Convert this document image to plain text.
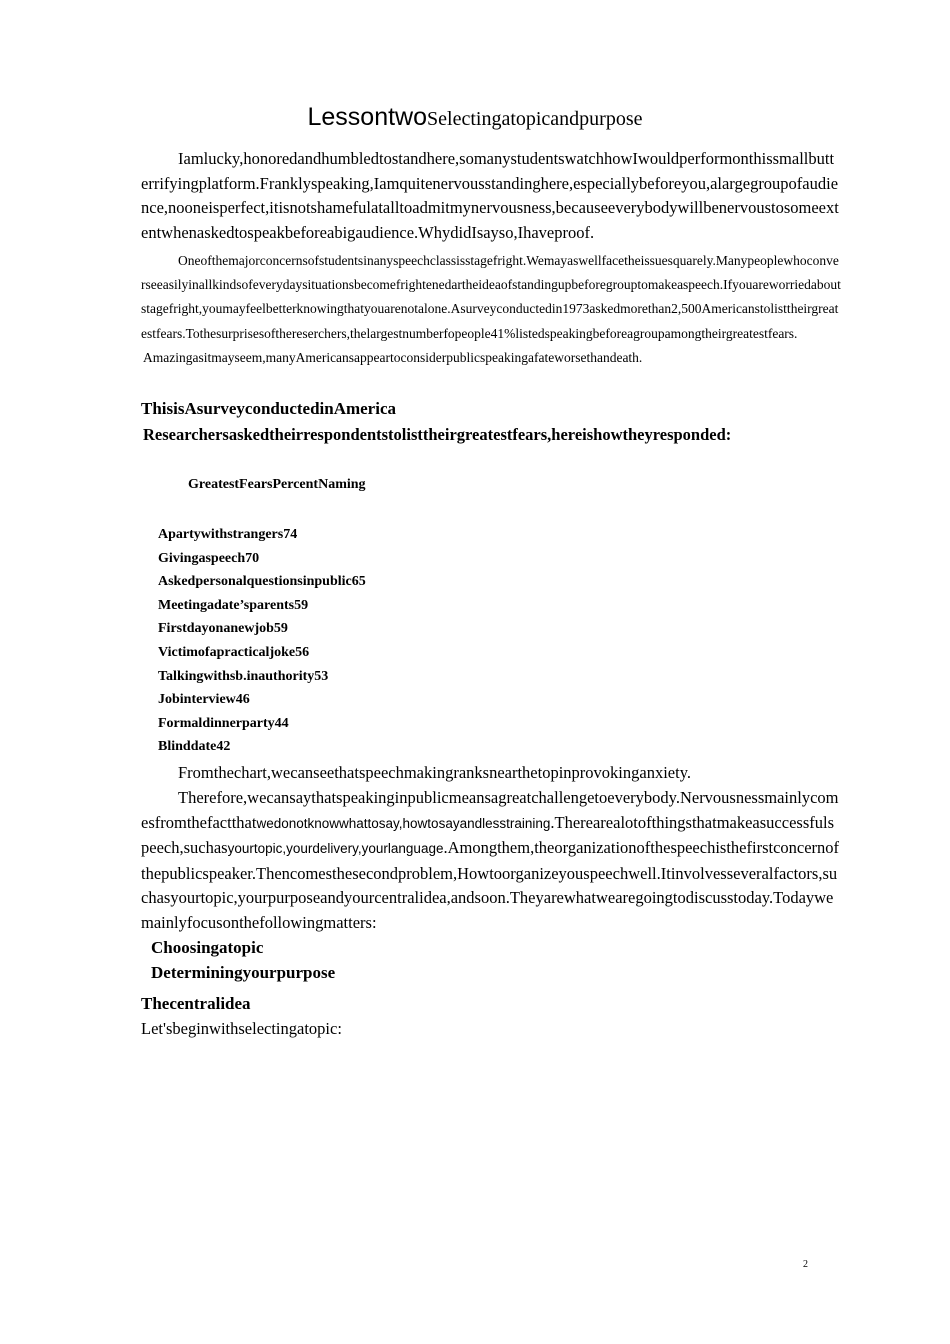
LessontwoSelectingatopicandpurpose
Iamlucky,honoredandhumbledtostandhere,somanystudentswatchhowIwouldperformonthissmallbutterrifyingplatform.Franklyspeaking,Iamquitenervousstandinghere,especiallybeforeyou,alargegroupofaudience,nooneisperfect,itisnotshamefulatalltoadmitmynervousness,becauseeverybodywillbenervoustosomeextentwhenaskedtospeakbeforeabigaudience.WhydidIsayso,Ihaveproof.
Oneofthemajorconcernsofstudentsinanyspeechclassisstagefright.Wemayaswellfacetheissuesquarely.Manypeoplewhoconverseeasilyinallkindsofeverydaysituationsbecomefrightenedartheideaofstandingupbeforegrouptomakeaspeech.Ifyouareworriedaboutstagefright,youmayfeelbetterknowingthatyouarenotalone.Asurveyconductedin1973askedmorethan2,500Americanstolisttheirgreatestfears.Tothesurprisesofthereserchers,thelargestnumberfopeople41%listedspeakingbeforeagroupamongtheirgreatestfears.
Amazingasitmayseem,manyAmericansappeartoconsiderpublicspeakingafateworsethandeath.
ThisisAsurveyconductedinAmerica
Researchersaskedtheirrespondentstolisttheirgreatestfears,hereishowtheyresponded:
GreatestFearsPercentNaming
Apartywithstrangers74
Givingaspeech70
Askedpersonalquestionsinpublic65
Meetingadate’sparents59
Firstdayonanewjob59
Victimofapracticaljoke56
Talkingwithsb.inauthority53
Jobinterview46
Formaldinnerparty44
Blinddate42
Fromthechart,wecanseethatspeechmakingranksnearthetopinprovokinganxiety.
Therefore,wecansaythatspeakinginpublicmeansagreatchallengetoeverybody.Nervousnessmainlycomesfromthefactthatwedonotknowwhattosay,howtosayandlesstraining.Therearealotofthingsthatmakeasuccessfulspeech,suchasyourtopic,yourdelivery,yourlanguage.Amongthem,theorganizationofthespeechisthefirstconcernofthepublicspeaker.Thencomesthesecondproblem,Howtoorganizeyouspeechwell.Itinvolvesseveralfactors,suchasyourtopic,yourpurposeandyourcentralidea,andsoon.Theyarewhatwearegoingtodiscusstoday.Todaywemainlyfocusonthefollowingmatters:
Choosingatopic
Determiningyourpurpose
Thecentralidea
Let'sbeginwithselectingatopic:
2
